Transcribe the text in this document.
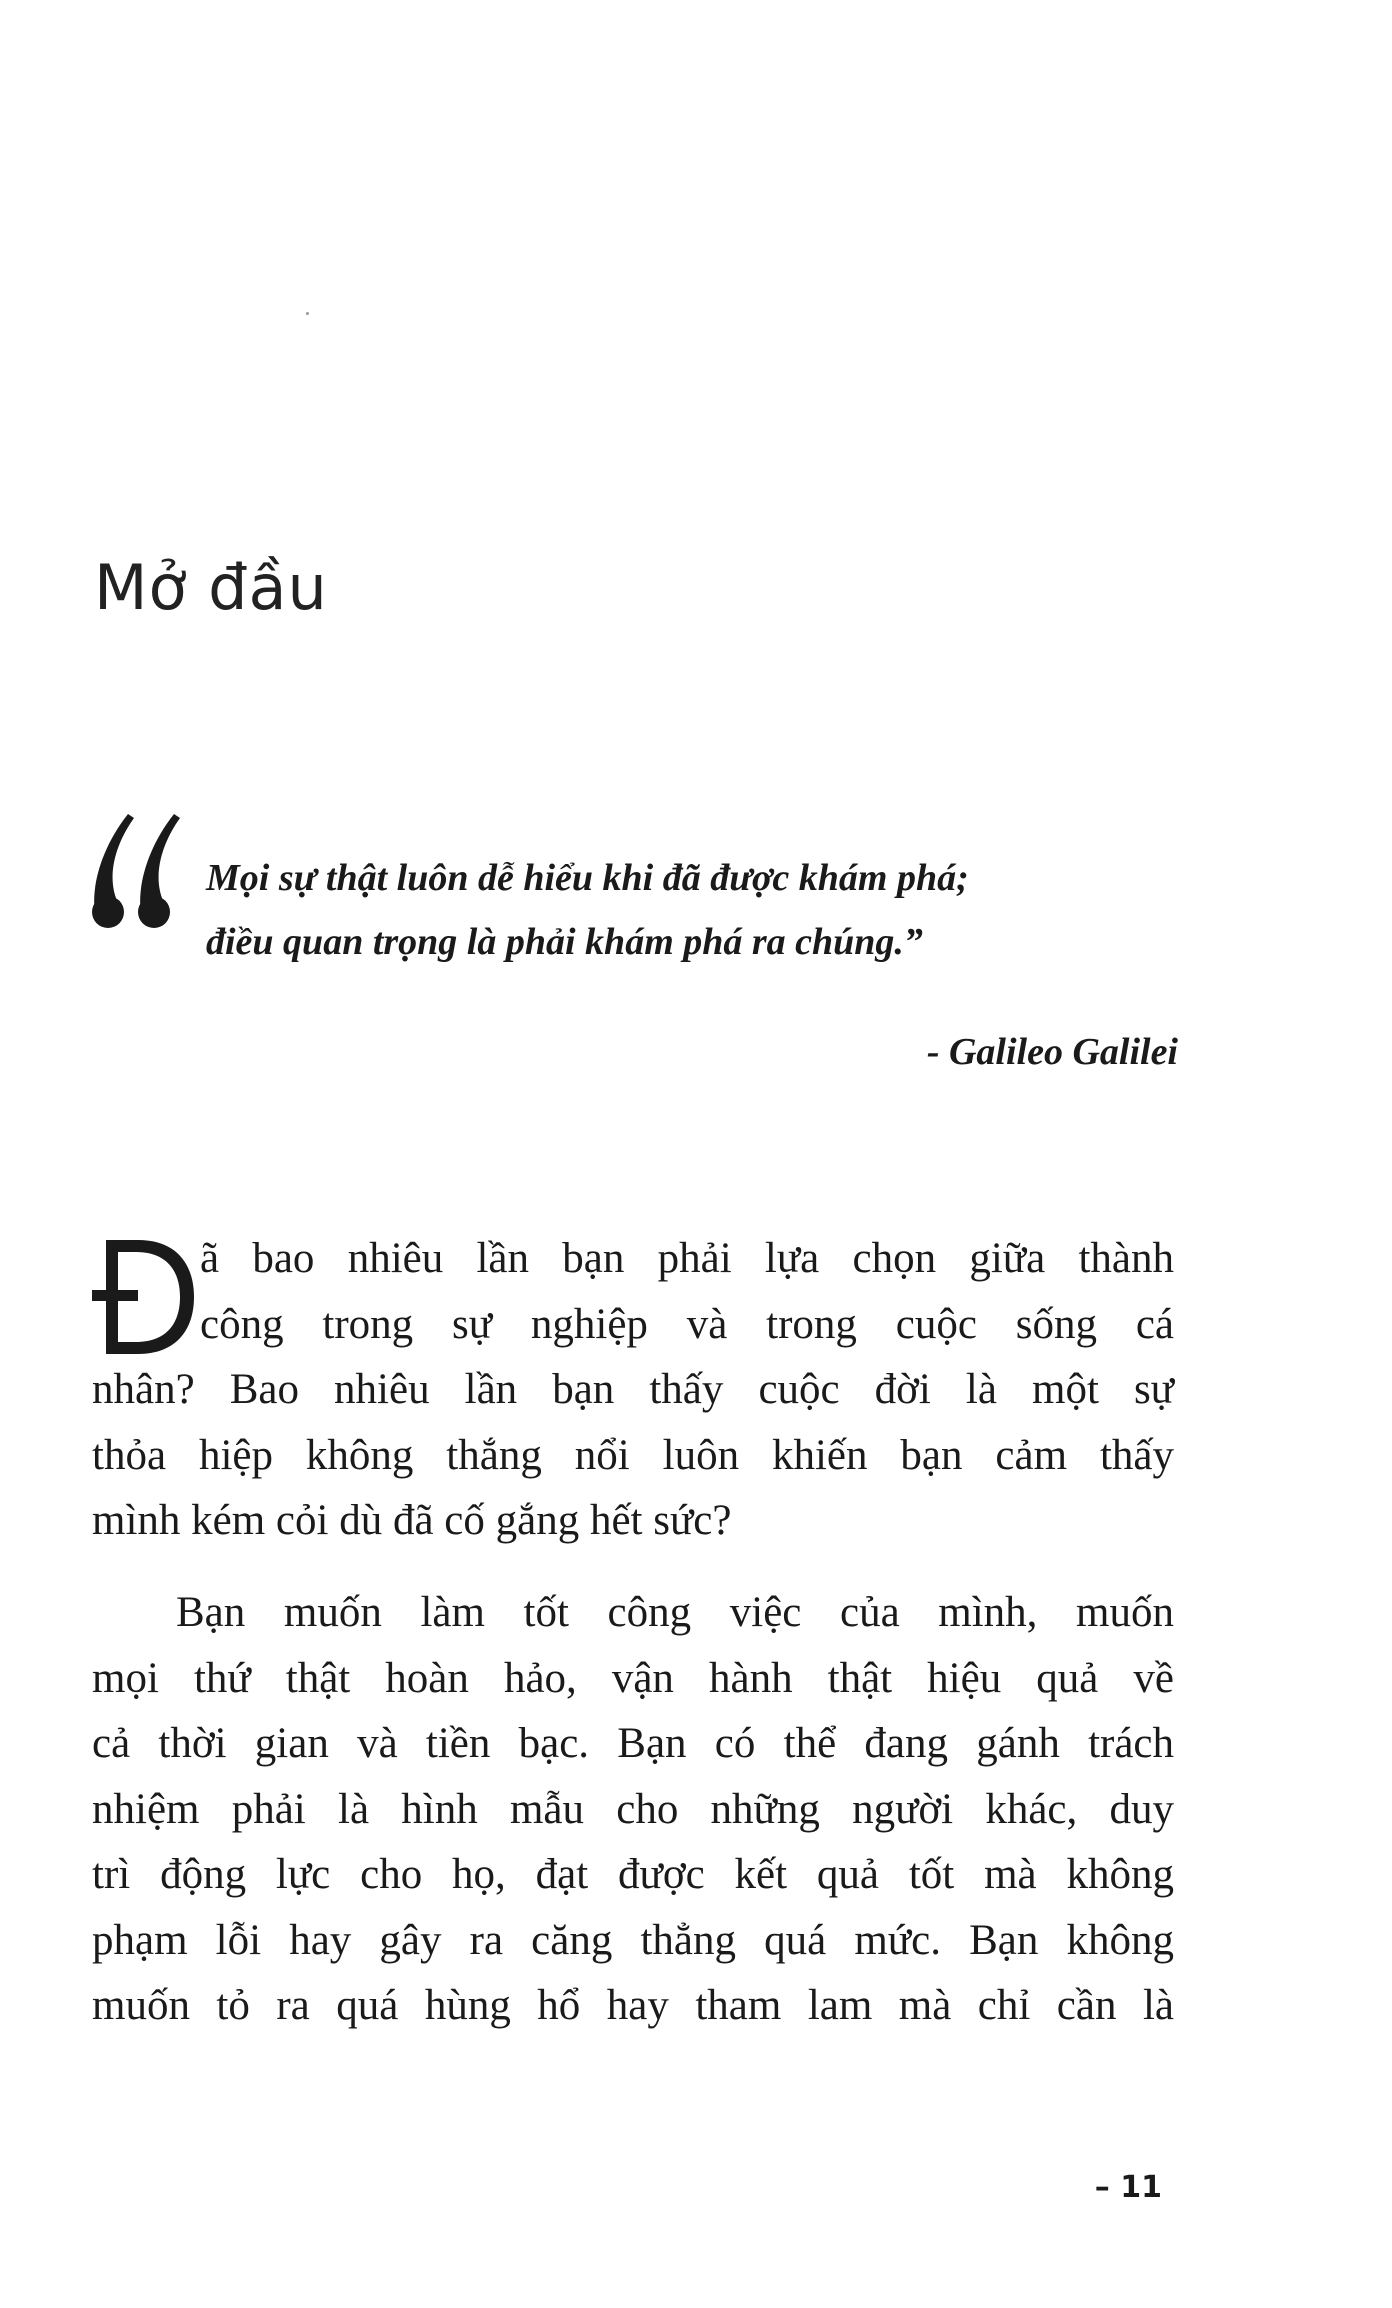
Mở đầu
Mọi sự thật luôn dễ hiểu khi đã được khám phá;
điều quan trọng là phải khám phá ra chúng.”
- Galileo Galilei
ã bao nhiêu lần bạn phải lựa chọn giữa thành
công trong sự nghiệp và trong cuộc sống cá
nhân? Bao nhiêu lần bạn thấy cuộc đời là một sự
thỏa hiệp không thắng nổi luôn khiến bạn cảm thấy
mình kém cỏi dù đã cố gắng hết sức?
Bạn muốn làm tốt công việc của mình, muốn
mọi thứ thật hoàn hảo, vận hành thật hiệu quả về
cả thời gian và tiền bạc. Bạn có thể đang gánh trách
nhiệm phải là hình mẫu cho những người khác, duy
trì động lực cho họ, đạt được kết quả tốt mà không
phạm lỗi hay gây ra căng thẳng quá mức. Bạn không
muốn tỏ ra quá hùng hổ hay tham lam mà chỉ cần là
– 11
